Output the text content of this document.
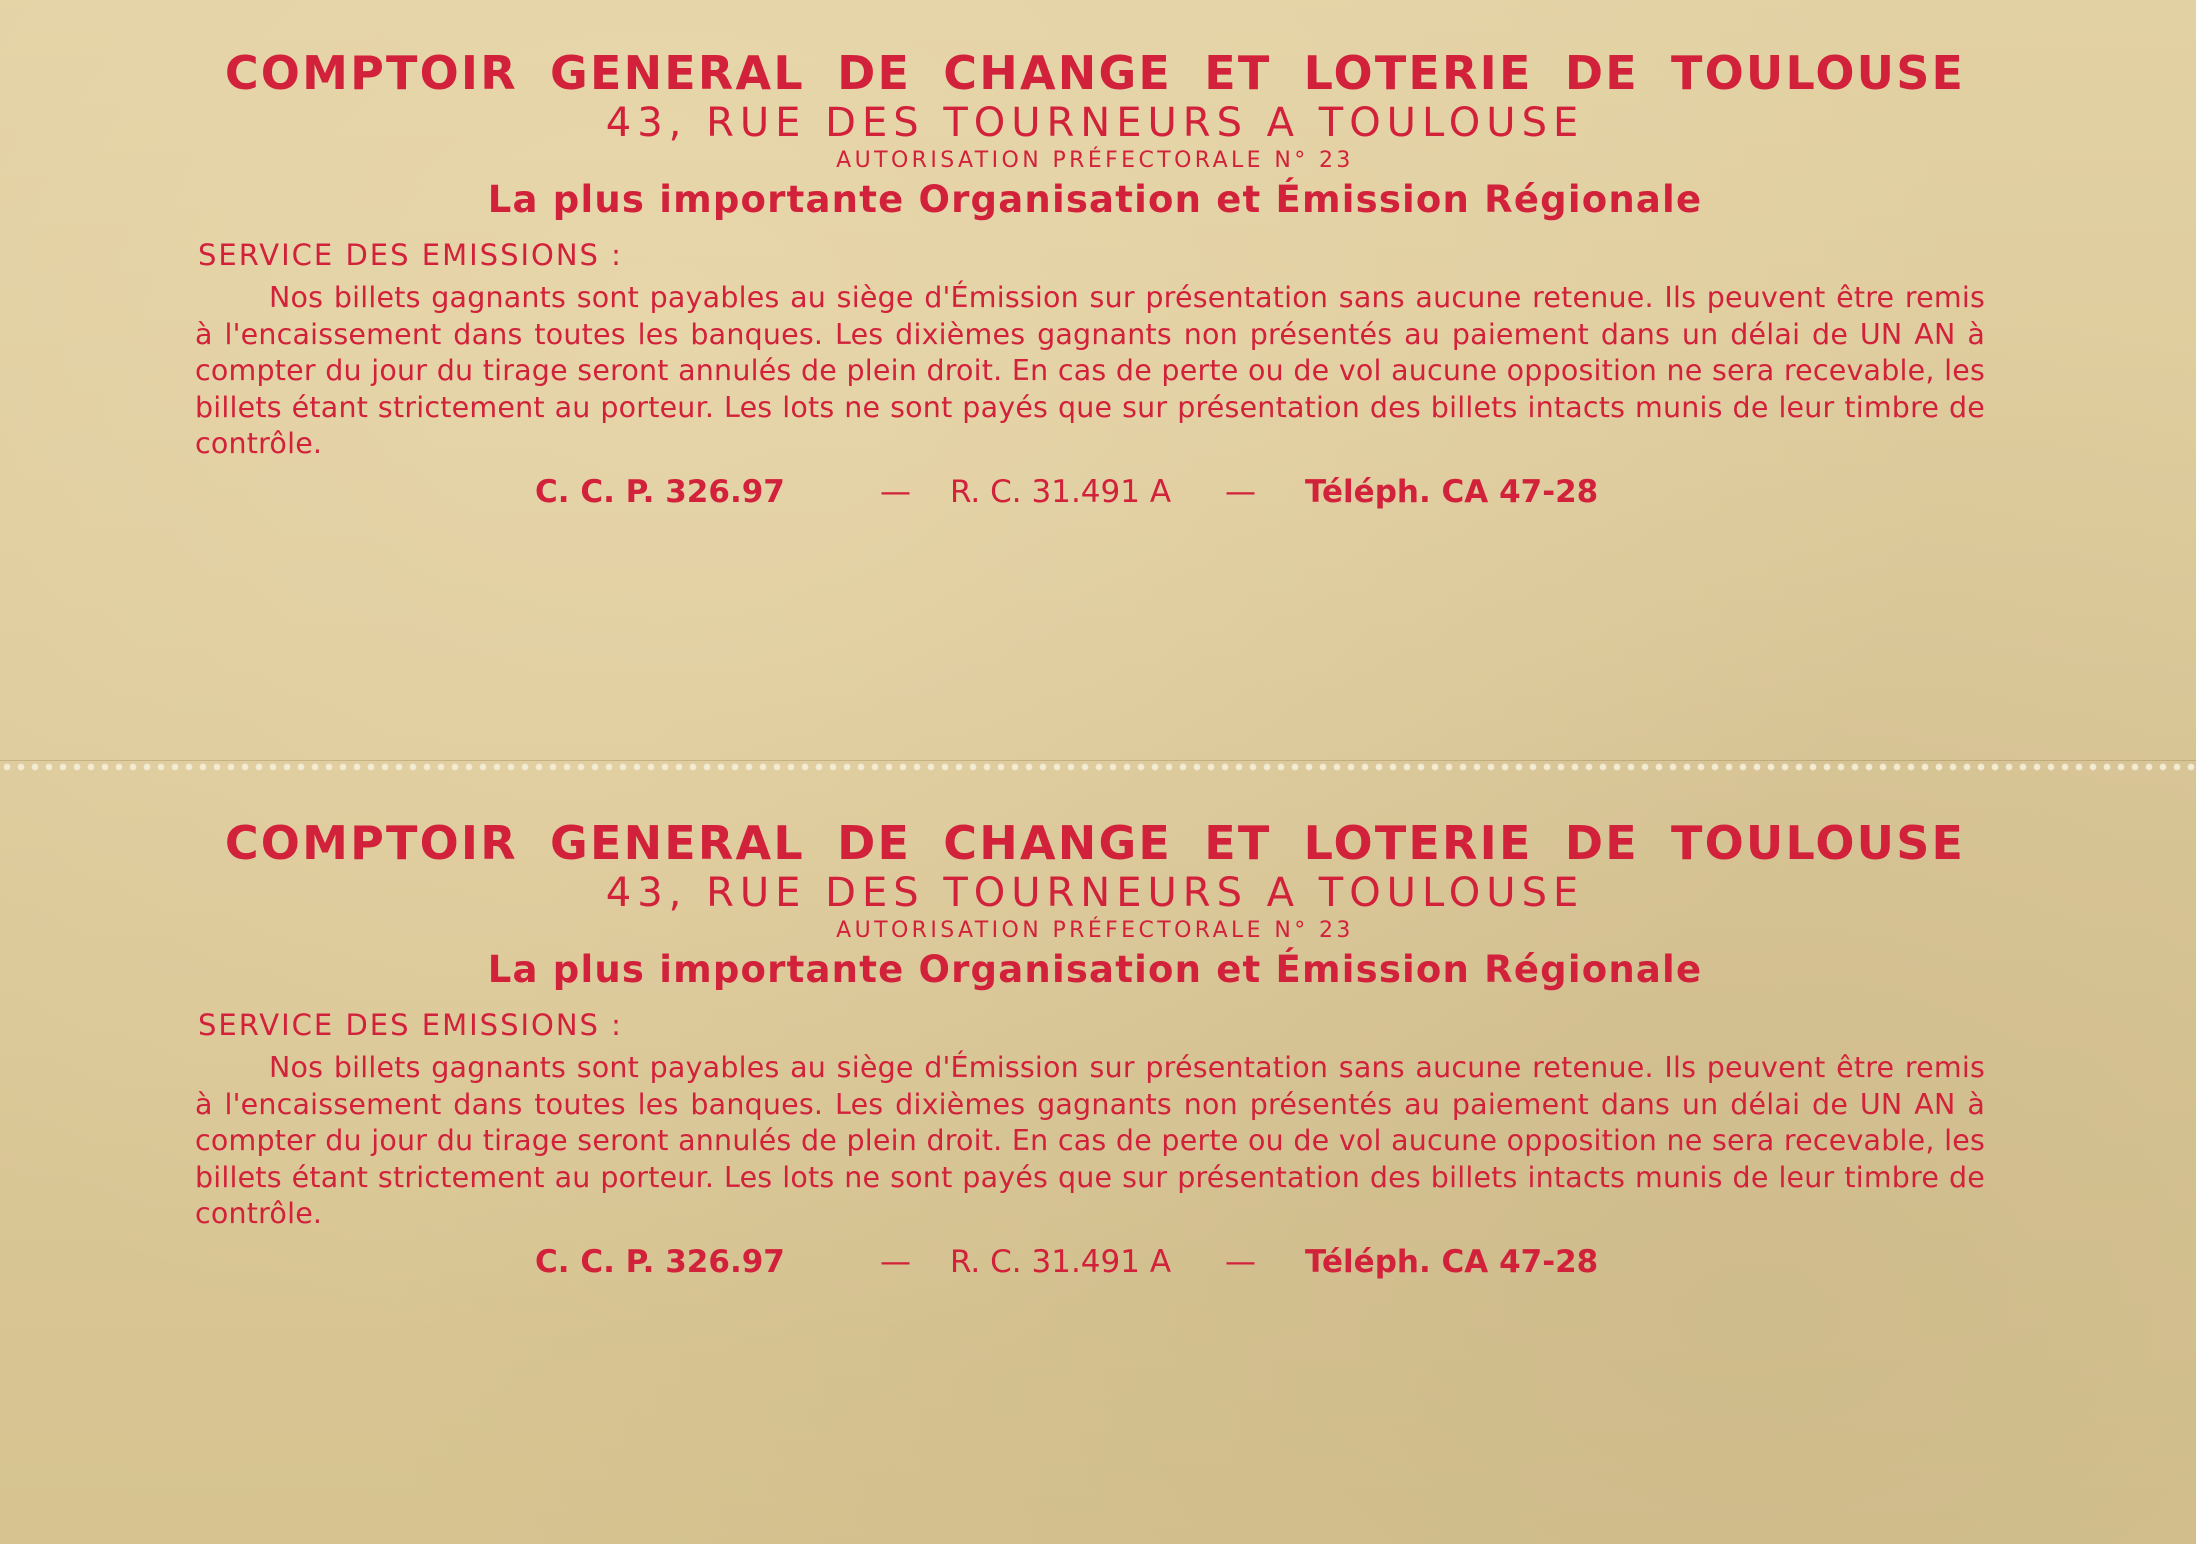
COMPTOIR GENERAL DE CHANGE ET LOTERIE DE TOULOUSE
43, RUE DES TOURNEURS A TOULOUSE
AUTORISATION PRÉFECTORALE N° 23
La plus importante Organisation et Émission Régionale
SERVICE DES EMISSIONS :
Nos billets gagnants sont payables au siège d'Émission sur présentation sans aucune retenue. Ils peuvent être remis à l'encaissement dans toutes les banques. Les dixièmes gagnants non présentés au paiement dans un délai de UN AN à compter du jour du tirage seront annulés de plein droit. En cas de perte ou de vol aucune opposition ne sera recevable, les billets étant strictement au porteur. Les lots ne sont payés que sur présentation des billets intacts munis de leur timbre de contrôle.
C. C. P. 326.97	— R. C. 31.491 A — Téléph. CA 47-28
COMPTOIR GENERAL DE CHANGE ET LOTERIE DE TOULOUSE
43, RUE DES TOURNEURS A TOULOUSE
AUTORISATION PRÉFECTORALE N° 23
La plus importante Organisation et Émission Régionale
SERVICE DES EMISSIONS :
Nos billets gagnants sont payables au siège d'Émission sur présentation sans aucune retenue. Ils peuvent être remis à l'encaissement dans toutes les banques. Les dixièmes gagnants non présentés au paiement dans un délai de UN AN à compter du jour du tirage seront annulés de plein droit. En cas de perte ou de vol aucune opposition ne sera recevable, les billets étant strictement au porteur. Les lots ne sont payés que sur présentation des billets intacts munis de leur timbre de contrôle.
C. C. P. 326.97	— R. C. 31.491 A — Téléph. CA 47-28
